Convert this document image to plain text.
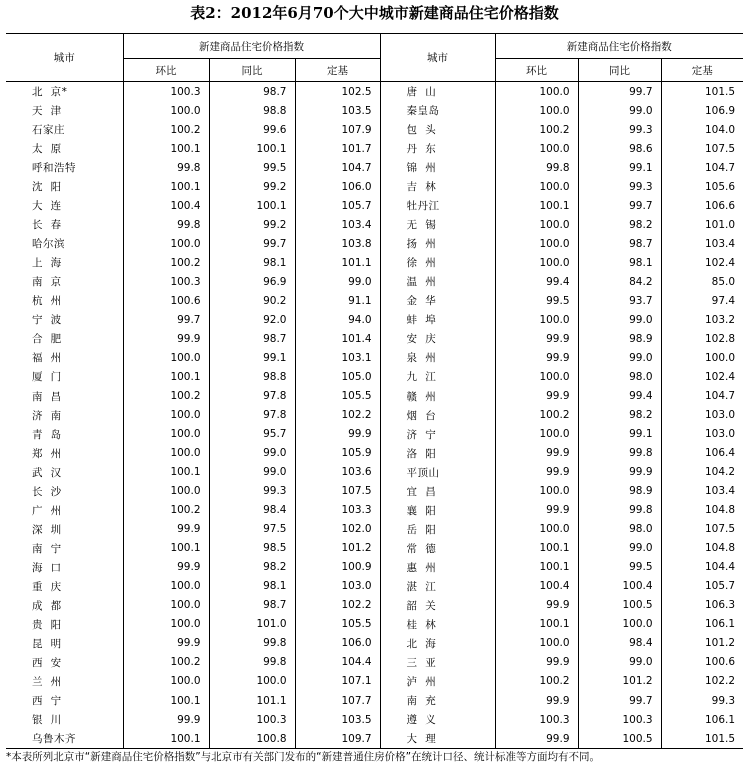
表2：2012年6月70个大中城市新建商品住宅价格指数
城市	新建商品住宅价格指数			城市	新建商品住宅价格指数		
	环比	同比	定基		环比	同比	定基
北  京*	100.3	98.7	102.5	唐  山	100.0	99.7	101.5
天  津	100.0	98.8	103.5	秦皇岛	100.0	99.0	106.9
石家庄	100.2	99.6	107.9	包  头	100.2	99.3	104.0
太  原	100.1	100.1	101.7	丹  东	100.0	98.6	107.5
呼和浩特	99.8	99.5	104.7	锦  州	99.8	99.1	104.7
沈  阳	100.1	99.2	106.0	吉  林	100.0	99.3	105.6
大  连	100.4	100.1	105.7	牡丹江	100.1	99.7	106.6
长  春	99.8	99.2	103.4	无  锡	100.0	98.2	101.0
哈尔滨	100.0	99.7	103.8	扬  州	100.0	98.7	103.4
上  海	100.2	98.1	101.1	徐  州	100.0	98.1	102.4
南  京	100.3	96.9	99.0	温  州	99.4	84.2	85.0
杭  州	100.6	90.2	91.1	金  华	99.5	93.7	97.4
宁  波	99.7	92.0	94.0	蚌  埠	100.0	99.0	103.2
合  肥	99.9	98.7	101.4	安  庆	99.9	98.9	102.8
福  州	100.0	99.1	103.1	泉  州	99.9	99.0	100.0
厦  门	100.1	98.8	105.0	九  江	100.0	98.0	102.4
南  昌	100.2	97.8	105.5	赣  州	99.9	99.4	104.7
济  南	100.0	97.8	102.2	烟  台	100.2	98.2	103.0
青  岛	100.0	95.7	99.9	济  宁	100.0	99.1	103.0
郑  州	100.0	99.0	105.9	洛  阳	99.9	99.8	106.4
武  汉	100.1	99.0	103.6	平顶山	99.9	99.9	104.2
长  沙	100.0	99.3	107.5	宜  昌	100.0	98.9	103.4
广  州	100.2	98.4	103.3	襄  阳	99.9	99.8	104.8
深  圳	99.9	97.5	102.0	岳  阳	100.0	98.0	107.5
南  宁	100.1	98.5	101.2	常  德	100.1	99.0	104.8
海  口	99.9	98.2	100.9	惠  州	100.1	99.5	104.4
重  庆	100.0	98.1	103.0	湛  江	100.4	100.4	105.7
成  都	100.0	98.7	102.2	韶  关	99.9	100.5	106.3
贵  阳	100.0	101.0	105.5	桂  林	100.1	100.0	106.1
昆  明	99.9	99.8	106.0	北  海	100.0	98.4	101.2
西  安	100.2	99.8	104.4	三  亚	99.9	99.0	100.6
兰  州	100.0	100.0	107.1	泸  州	100.2	101.2	102.2
西  宁	100.1	101.1	107.7	南  充	99.9	99.7	99.3
银  川	99.9	100.3	103.5	遵  义	100.3	100.3	106.1
乌鲁木齐	100.1	100.8	109.7	大  理	99.9	100.5	101.5
*本表所列北京市“新建商品住宅价格指数”与北京市有关部门发布的“新建普通住房价格”在统计口径、统计标准等方面均有不同。
